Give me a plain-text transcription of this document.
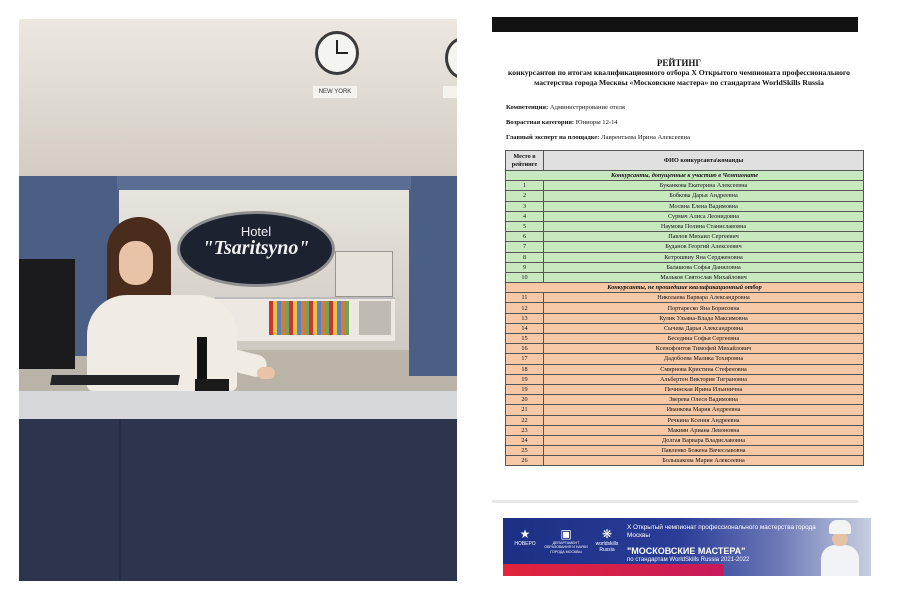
NEW YORK
Hotel
"Tsaritsyno"
РЕЙТИНГ
конкурсантов по итогам квалификационного отбора X Открытого чемпионата профессионального мастерства города Москвы «Московские мастера» по стандартам WorldSkills Russia
Компетенция: Администрирование отеля
Возрастная категория: Юниоры 12-14
Главный эксперт на площадке: Лаврентьева Ирина Алексеевна
Место в рейтинге	ФИО конкурсанта\команды
Конкурсанты, допущенные к участию в Чемпионате	
1	Буканкова Екатерина Алексеевна
2	Бобкова Дарья Андреевна
3	Мосина Елена Вадимовна
4	Сурмач Алиса Леонидовна
5	Наумова Полина Станиславовна
6	Павлов Михаил Сергеевич
7	Буданов Георгий Алексеевич
8	Кетрошвиу Яна Сердженовна
9	Балашова Софья Даниловна
10	Мальков Святослав Михайлович
Конкурсанты, не прошедшие квалификационный отбор	
11	Николаева Варвара Александровна
12	Портареско Яна Борисовна
13	Кулик Ульяна-Влада Максимовна
14	Сычева Дарья Александровна
15	Беседина Софья Сергеевна
16	Ксенофонтов Тимофей Михайлович
17	Дадобоева Малика Тохировна
18	Смирнова Кристина Стефеновна
19	Альбертен Виктория Тиграновна
19	Печинская Ирина Ильинична
20	Зверева Олеся Вадимовна
21	Иванкова Мария Андреевна
22	Речкина Ксения Андреевна
23	Макиян Ариана Левоновна
24	Долгая Варвара Владиславовна
25	Павленко Божена Вячеславовна
26	Большакова Мария Алексеевна
★
НОВЕРО
▣
ДЕПАРТАМЕНТ ОБРАЗОВАНИЯ И НАУКИ ГОРОДА МОСКВЫ
❋
worldskills Russia
X Открытый чемпионат профессионального мастерства города Москвы
"МОСКОВСКИЕ МАСТЕРА"
по стандартам WorldSkills Russia 2021-2022
